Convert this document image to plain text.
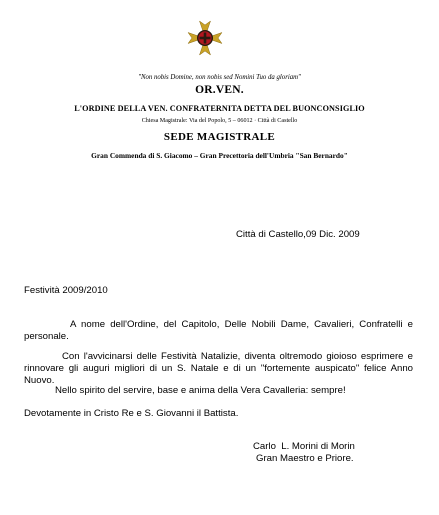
"Non nobis Domine, non nobis sed Nomini Tuo da gloriam"
OR.VEN.
L'ORDINE DELLA VEN. CONFRATERNITA DETTA DEL BUONCONSIGLIO
Chiesa Magistrale: Via del Popolo, 5 – 06012 · Città di Castello
SEDE MAGISTRALE
Gran Commenda di S. Giacomo – Gran Precettoria dell'Umbria "San Bernardo"
Città di Castello,09 Dic. 2009
Festività 2009/2010
A nome dell'Ordine, del Capitolo, Delle Nobili Dame, Cavalieri, Confratelli e personale.
Con l'avvicinarsi delle Festività Natalizie, diventa oltremodo gioioso esprimere e rinnovare gli auguri migliori di un S. Natale e di un "fortemente auspicato" felice Anno Nuovo.
Nello spirito del servire, base e anima della Vera Cavalleria: sempre!
Devotamente in Cristo Re e S. Giovanni il Battista.
Carlo  L. Morini di Morin
Gran Maestro e Priore.
